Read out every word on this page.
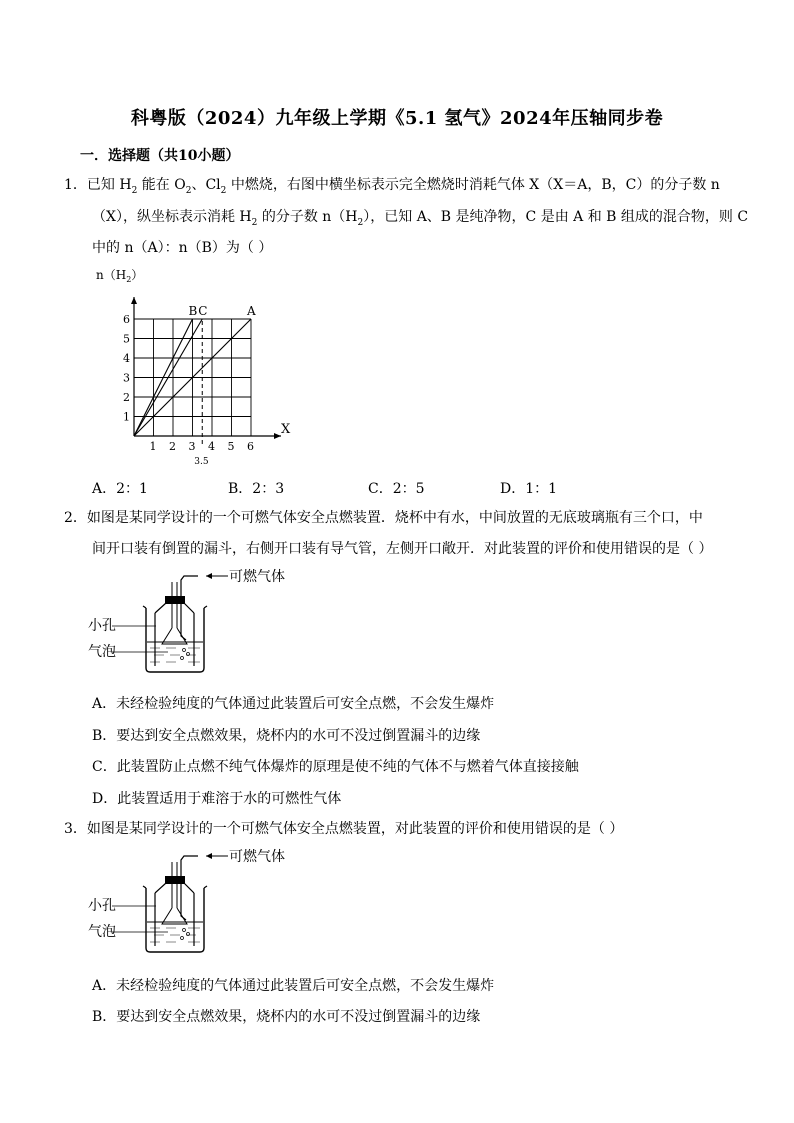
科粤版（2024）九年级上学期《5.1 氢气》2024年压轴同步卷
一．选择题（共10小题）
1．已知 $H_2$ 能在 $O_2$、$Cl_2$ 中燃烧，右图中横坐标表示完全燃烧时消耗气体 X（X＝A，B，C）的分子数 n
（X），纵坐标表示消耗 $H_2$ 的分子数 $n(H_2)$，已知 A、B 是纯净物，C 是由 A 和 B 组成的混合物，则 C
中的 n（A）：n（B）为（ ）
A
B C
1 2 3 4 5 6
1
2
3
4
5
6
3.5
$n(H_2)$
X
A．2：1	B．2：3	C．2：5	D．1：1
2．如图是某同学设计的一个可燃气体安全点燃装置．烧杯中有水，中间放置的无底玻璃瓶有三个口，中
间开口装有倒置的漏斗，右侧开口装有导气管，左侧开口敞开．对此装置的评价和使用错误的是（ ）
可燃气体
小孔
气泡
A．未经检验纯度的气体通过此装置后可安全点燃，不会发生爆炸
B．要达到安全点燃效果，烧杯内的水可不没过倒置漏斗的边缘
C．此装置防止点燃不纯气体爆炸的原理是使不纯的气体不与燃着气体直接接触
D．此装置适用于难溶于水的可燃性气体
3．如图是某同学设计的一个可燃气体安全点燃装置，对此装置的评价和使用错误的是（ ）
可燃气体
小孔
气泡
A．未经检验纯度的气体通过此装置后可安全点燃，不会发生爆炸
B．要达到安全点燃效果，烧杯内的水可不没过倒置漏斗的边缘
